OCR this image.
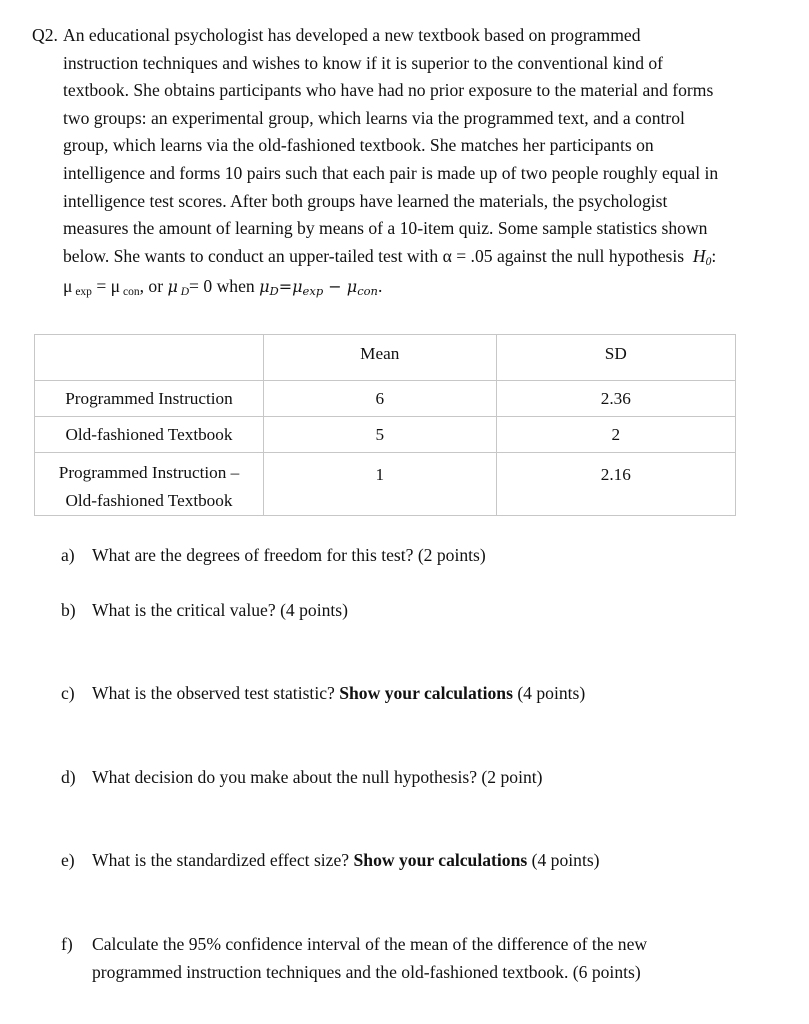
Q2. An educational psychologist has developed a new textbook based on programmed
instruction techniques and wishes to know if it is superior to the conventional kind of
textbook. She obtains participants who have had no prior exposure to the material and forms
two groups: an experimental group, which learns via the programmed text, and a control
group, which learns via the old-fashioned textbook. She matches her participants on
intelligence and forms 10 pairs such that each pair is made up of two people roughly equal in
intelligence test scores. After both groups have learned the materials, the psychologist
measures the amount of learning by means of a 10-item quiz. Some sample statistics shown
below. She wants to conduct an upper-tailed test with α = .05 against the null hypothesis H0:
μ exp = μ con, or μ D= 0 when μD=μexp − μcon.
	Mean	SD
Programmed Instruction	6	2.36
Old-fashioned Textbook	5	2
Programmed Instruction –
Old-fashioned Textbook	1	2.16
a) What are the degrees of freedom for this test? (2 points)
b) What is the critical value? (4 points)
c) What is the observed test statistic? Show your calculations (4 points)
d) What decision do you make about the null hypothesis? (2 point)
e) What is the standardized effect size? Show your calculations (4 points)
f) Calculate the 95% confidence interval of the mean of the difference of the new
programmed instruction techniques and the old-fashioned textbook. (6 points)
